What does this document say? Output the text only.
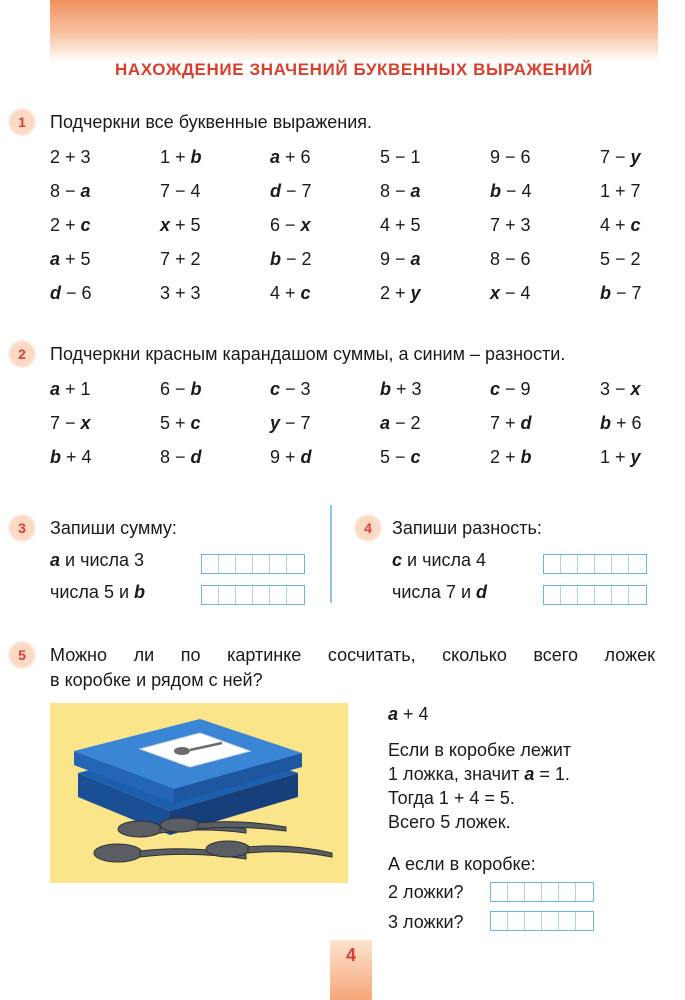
НАХОЖДЕНИЕ ЗНАЧЕНИЙ БУКВЕННЫХ ВЫРАЖЕНИЙ
1	Подчеркни все буквенные выражения.
2 + 3	1 + b	a + 6	5 − 1	9 − 6	7 − y
8 − a	7 − 4	d − 7	8 − a	b − 4	1 + 7
2 + c	x + 5	6 − x	4 + 5	7 + 3	4 + c
a + 5	7 + 2	b − 2	9 − a	8 − 6	5 − 2
d − 6	3 + 3	4 + c	2 + y	x − 4	b − 7
2	Подчеркни красным карандашом суммы, а синим – разности.
a + 1	6 − b	c − 3	b + 3	c − 9	3 − x
7 − x	5 + c	y − 7	a − 2	7 + d	b + 6
b + 4	8 − d	9 + d	5 − c	2 + b	1 + y
3	Запиши сумму:
a и числа 3
числа 5 и b
4	Запиши разность:
c и числа 4
числа 7 и d
5	Можно ли по картинке сосчитать, сколько всего ложек
в коробке и рядом с ней?
a + 4
Если в коробке лежит
1 ложка, значит a = 1.
Тогда 1 + 4 = 5.
Всего 5 ложек.
А если в коробке:
2 ложки?
3 ложки?
4
